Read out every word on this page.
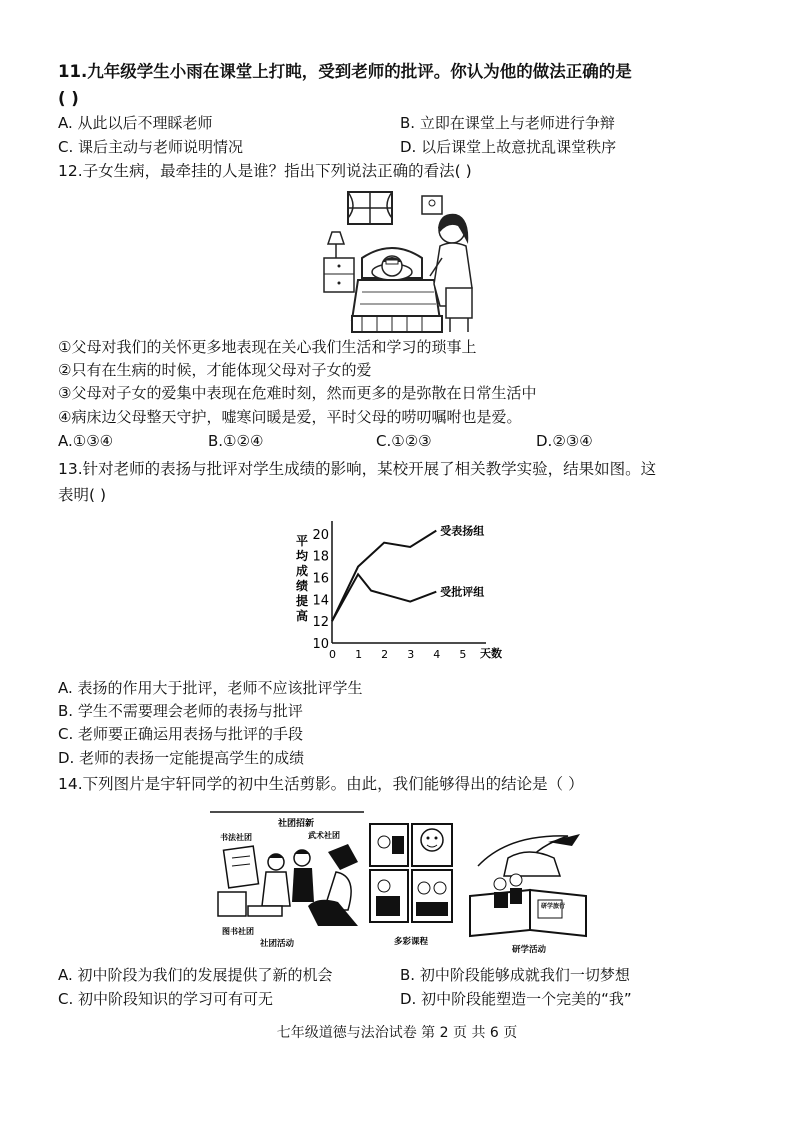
11.九年级学生小雨在课堂上打盹，受到老师的批评。你认为他的做法正确的是
( )
A. 从此以后不理睬老师	B. 立即在课堂上与老师进行争辩
C. 课后主动与老师说明情况	D. 以后课堂上故意扰乱课堂秩序
12.子女生病，最牵挂的人是谁？指出下列说法正确的看法( )
①父母对我们的关怀更多地表现在关心我们生活和学习的琐事上
②只有在生病的时候，才能体现父母对子女的爱
③父母对子女的爱集中表现在危难时刻，然而更多的是弥散在日常生活中
④病床边父母整天守护，嘘寒问暖是爱，平时父母的唠叨嘱咐也是爱。
A.①③④	B.①②④	C.①②③	D.②③④
13.针对老师的表扬与批评对学生成绩的影响，某校开展了相关教学实验，结果如图。这
表明( )
平
均
成
绩
提
高
10
12
14
16
18
20
0 1 2 3 4 5
受表扬组
受批评组
天数
A. 表扬的作用大于批评，老师不应该批评学生
B. 学生不需要理会老师的表扬与批评
C. 老师要正确运用表扬与批评的手段
D. 老师的表扬一定能提高学生的成绩
14.下列图片是宇轩同学的初中生活剪影。由此，我们能够得出的结论是（ ）
社团招新
书法社团	武术社团
图书社团
社团活动	多彩课程
研学旅行
研学活动
A. 初中阶段为我们的发展提供了新的机会	B. 初中阶段能够成就我们一切梦想
C. 初中阶段知识的学习可有可无	D. 初中阶段能塑造一个完美的“我”
七年级道德与法治试卷 第 2 页 共 6 页
